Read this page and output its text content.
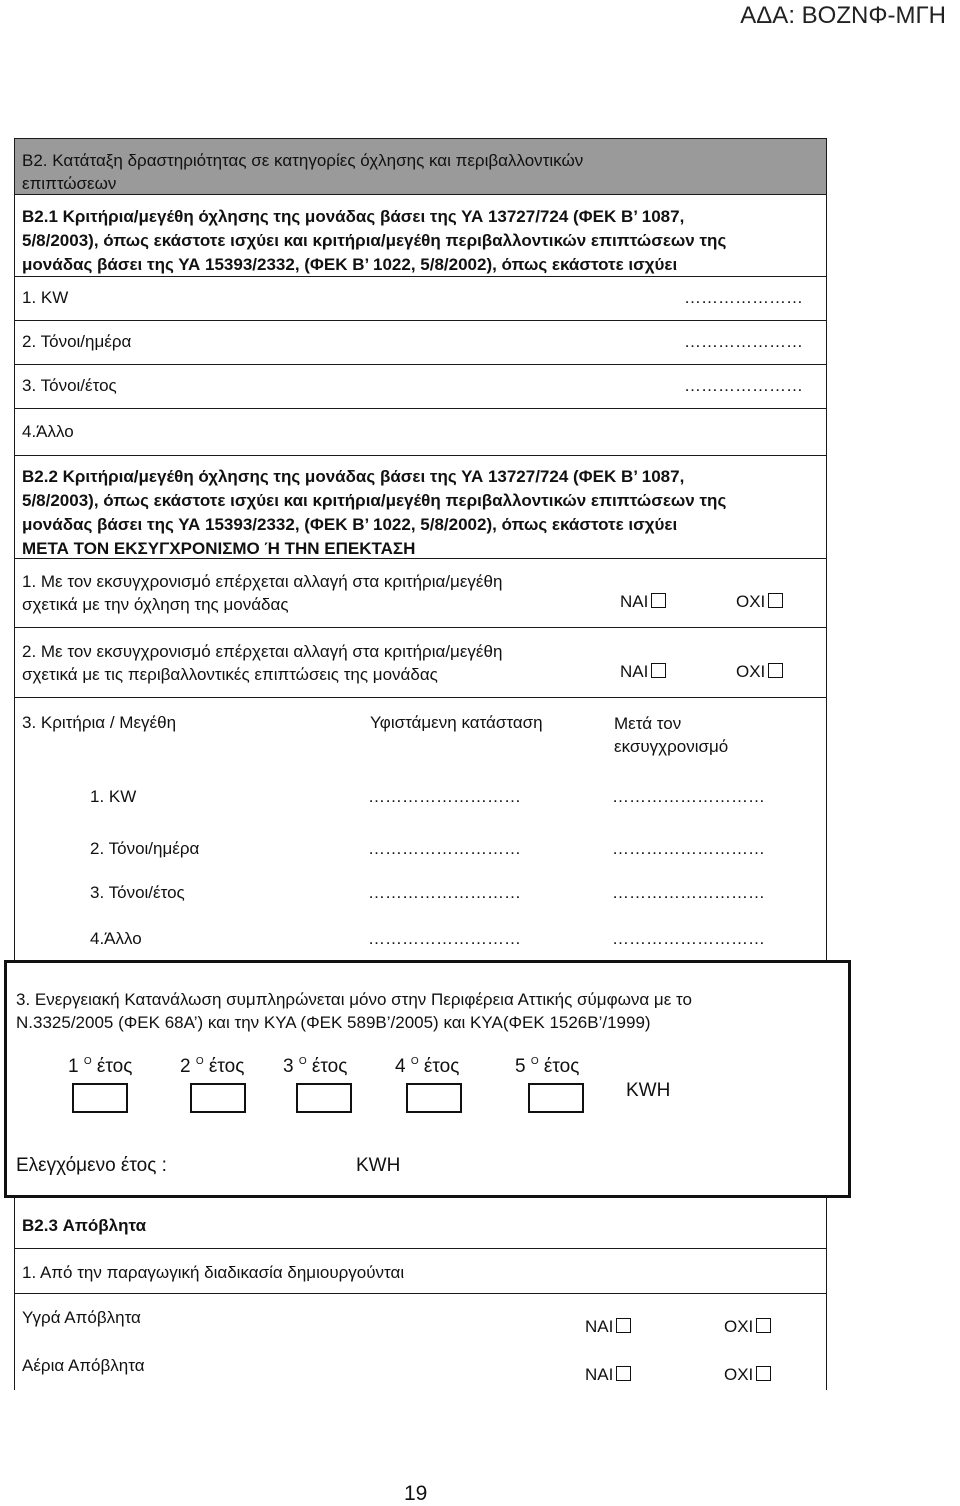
ΑΔΑ: ΒΟΖΝΦ-ΜΓΗ
B2. Κατάταξη δραστηριότητας σε κατηγορίες όχλησης και περιβαλλοντικών
επιπτώσεων
B2.1 Κριτήρια/μεγέθη όχλησης της μονάδας βάσει της ΥΑ 13727/724 (ΦΕΚ Β’ 1087,
5/8/2003), όπως εκάστοτε ισχύει και κριτήρια/μεγέθη περιβαλλοντικών επιπτώσεων της
μονάδας βάσει της ΥΑ 15393/2332, (ΦΕΚ Β’ 1022, 5/8/2002), όπως εκάστοτε ισχύει
1. KW	…………………
2. Τόνοι/ημέρα	…………………
3. Τόνοι/έτος	…………………
4.Άλλο
B2.2 Κριτήρια/μεγέθη όχλησης της μονάδας βάσει της ΥΑ 13727/724 (ΦΕΚ Β’ 1087,
5/8/2003), όπως εκάστοτε ισχύει και κριτήρια/μεγέθη περιβαλλοντικών επιπτώσεων της
μονάδας βάσει της ΥΑ 15393/2332, (ΦΕΚ Β’ 1022, 5/8/2002), όπως εκάστοτε ισχύει
ΜΕΤΑ ΤΟΝ ΕΚΣΥΓΧΡΟΝΙΣΜΟ Ή ΤΗΝ ΕΠΕΚΤΑΣΗ
1. Με τον εκσυγχρονισμό επέρχεται αλλαγή στα κριτήρια/μεγέθη
σχετικά με την όχληση της μονάδας	ΝΑΙ	ΟΧΙ
2. Με τον εκσυγχρονισμό επέρχεται αλλαγή στα κριτήρια/μεγέθη
σχετικά με τις περιβαλλοντικές επιπτώσεις της μονάδας	ΝΑΙ	ΟΧΙ
3. Κριτήρια / Μεγέθη	Υφιστάμενη κατάσταση	Μετά τον
εκσυγχρονισμό
1. KW	………………………	………………………
2. Τόνοι/ημέρα	………………………	………………………
3. Τόνοι/έτος	………………………	………………………
4.Άλλο	………………………	………………………
3. Ενεργειακή Κατανάλωση συμπληρώνεται μόνο στην Περιφέρεια Αττικής σύμφωνα με το
Ν.3325/2005 (ΦΕΚ 68Α’) και την ΚΥΑ (ΦΕΚ 589Β’/2005) και ΚΥΑ(ΦΕΚ 1526Β’/1999)
1 $^O$ έτος	2 $^O$ έτος 3 $^O$ έτος	4 $^O$ έτος	5 $^O$ έτος
KWH
Ελεγχόμενο έτος :	KWH
B2.3 Απόβλητα
1. Από την παραγωγική διαδικασία δημιουργούνται
Υγρά Απόβλητα	ΝΑΙ	ΟΧΙ
Αέρια Απόβλητα	ΝΑΙ	ΟΧΙ
19
